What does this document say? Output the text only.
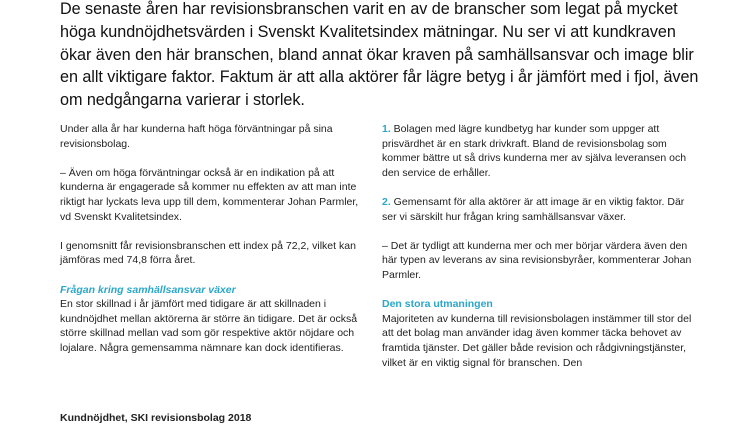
De senaste åren har revisionsbranschen varit en av de branscher som legat på mycket höga kundnöjdhetsvärden i Svenskt Kvalitetsindex mätningar. Nu ser vi att kundkraven ökar även den här branschen, bland annat ökar kraven på samhällsansvar och image blir en allt viktigare faktor. Faktum är att alla aktörer får lägre betyg i år jämfört med i fjol, även om nedgångarna varierar i storlek.

Under alla år har kunderna haft höga förväntningar på sina revisionsbolag.

– Även om höga förväntningar också är en indikation på att kunderna är engagerade så kommer nu effekten av att man inte riktigt har lyckats leva upp till dem, kommenterar Johan Parmler, vd Svenskt Kvalitetsindex.

I genomsnitt får revisionsbranschen ett index på 72,2, vilket kan jämföras med 74,8 förra året.

Frågan kring samhällsansvar växer

En stor skillnad i år jämfört med tidigare är att skillnaden i kundnöjdhet mellan aktörerna är större än tidigare. Det är också större skillnad mellan vad som gör respektive aktör nöjdare och lojalare. Några gemensamma nämnare kan dock identifieras.

1. Bolagen med lägre kundbetyg har kunder som uppger att prisvärdhet är en stark drivkraft. Bland de revisionsbolag som kommer bättre ut så drivs kunderna mer av själva leveransen och den service de erhåller.

2. Gemensamt för alla aktörer är att image är en viktig faktor. Där ser vi särskilt hur frågan kring samhällsansvar växer.

– Det är tydligt att kunderna mer och mer börjar värdera även den här typen av leverans av sina revisionsbyråer, kommenterar Johan Parmler.

Den stora utmaningen

Majoriteten av kunderna till revisionsbolagen instämmer till stor del att det bolag man använder idag även kommer täcka behovet av framtida tjänster. Det gäller både revision och rådgivningstjänster, vilket är en viktig signal för branschen. Den

Kundnöjdhet, SKI revisionsbolag 2018
